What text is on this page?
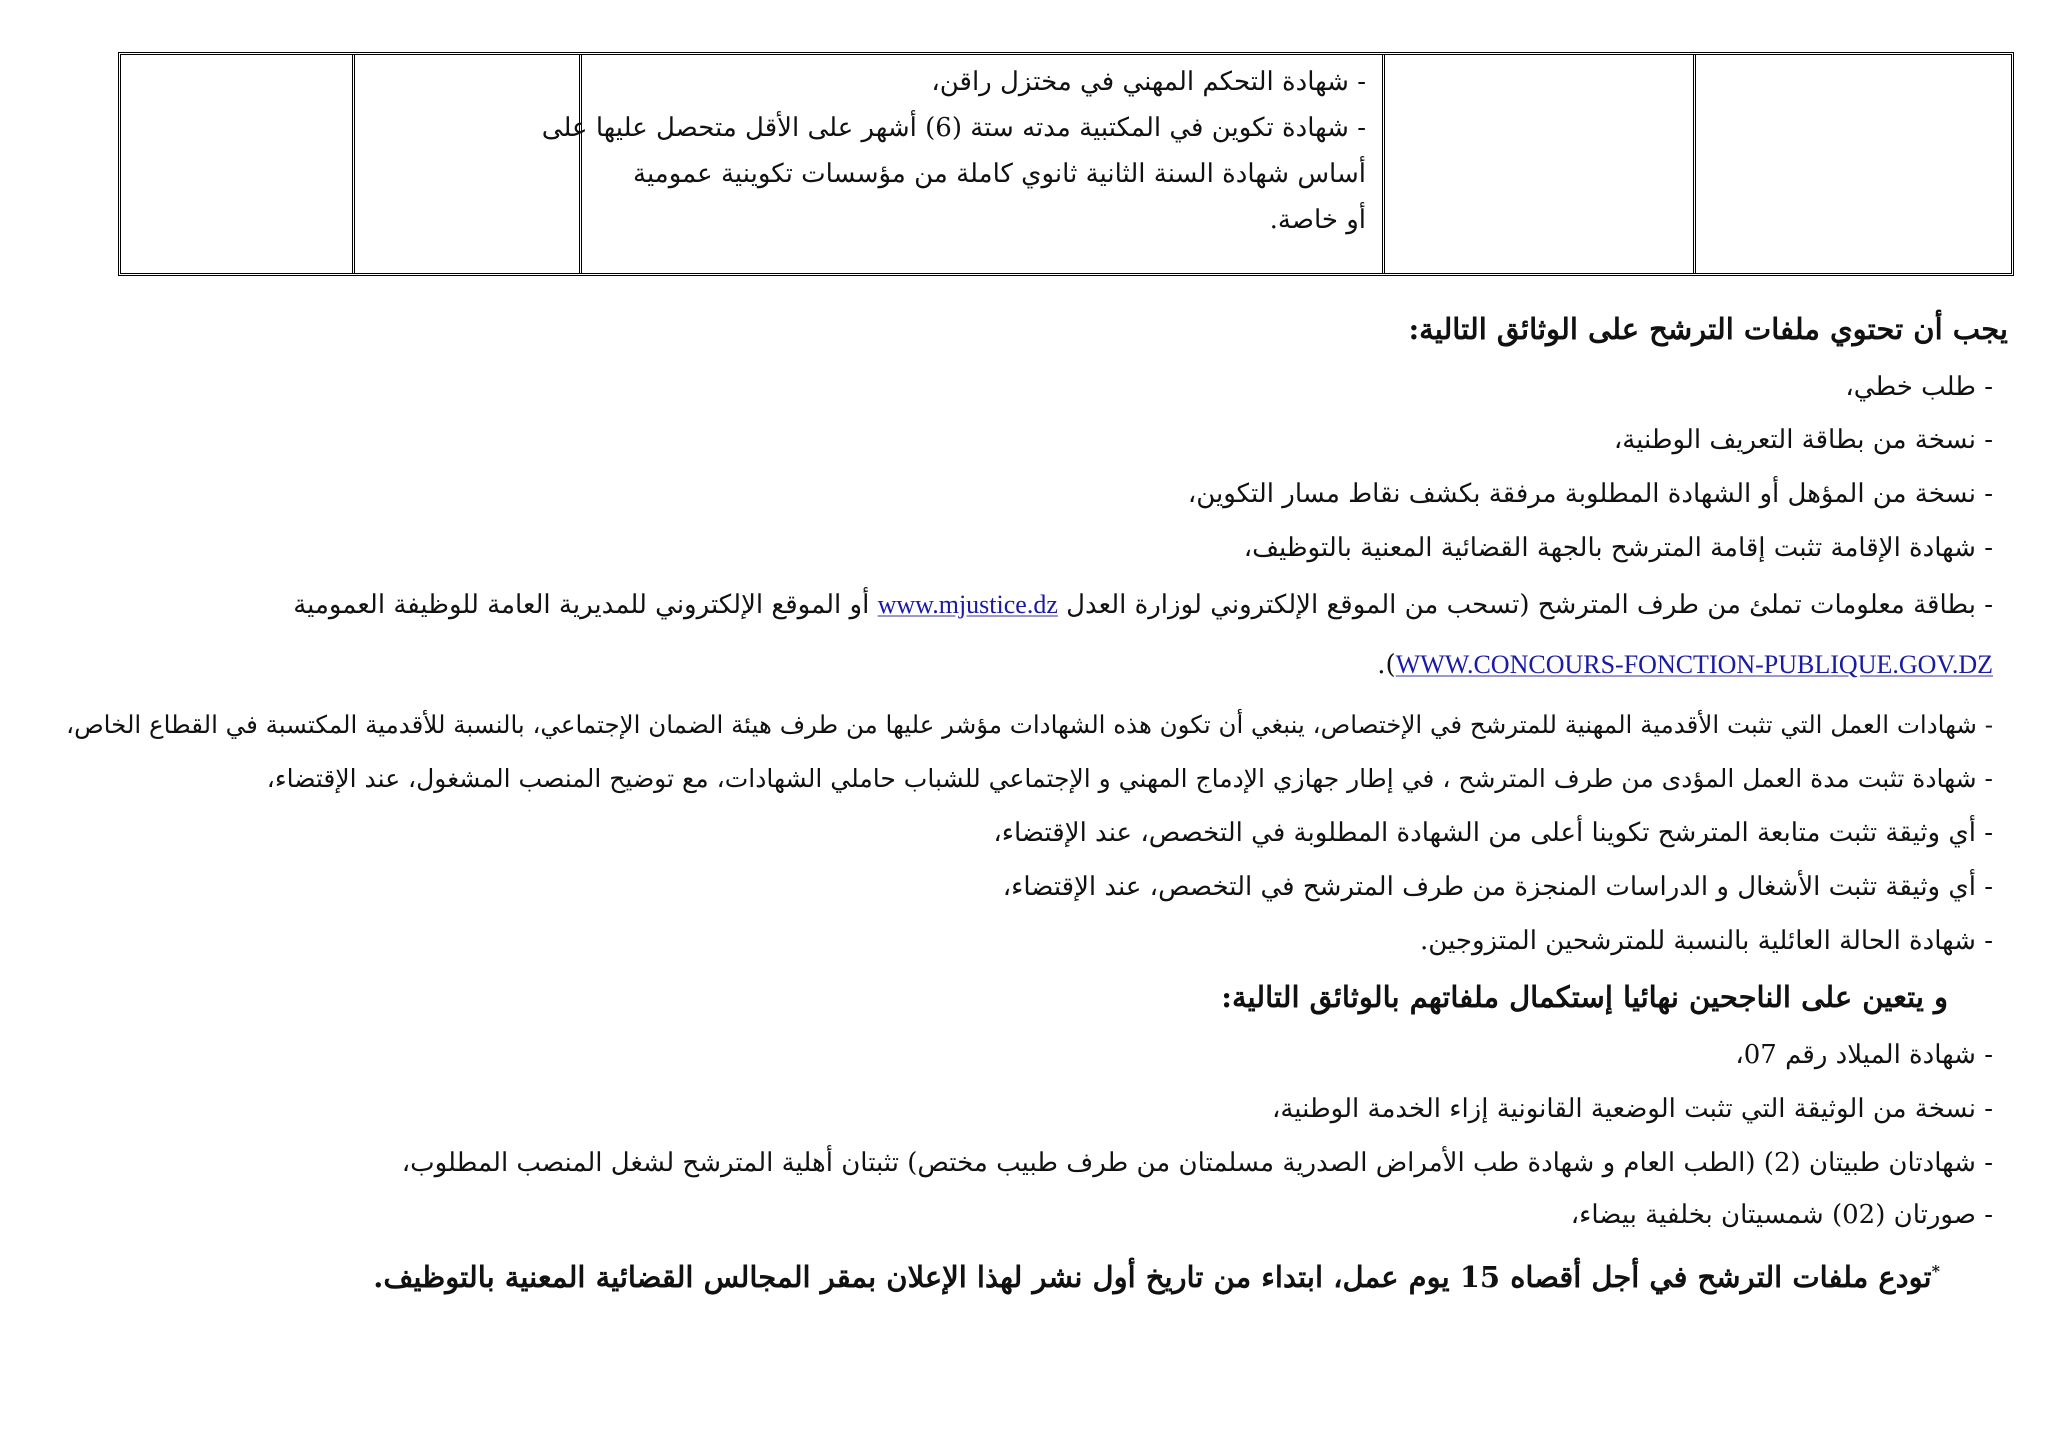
- شهادة التحكم المهني في مختزل راقن،
- شهادة تكوين في المكتبية مدته ستة (6) أشهر على الأقل متحصل عليها على
أساس شهادة السنة الثانية ثانوي كاملة من مؤسسات تكوينية عمومية
أو خاصة.
يجب أن تحتوي ملفات الترشح على الوثائق التالية:
- طلب خطي،
- نسخة من بطاقة التعريف الوطنية،
- نسخة من المؤهل أو الشهادة المطلوبة مرفقة بكشف نقاط مسار التكوين،
- شهادة الإقامة تثبت إقامة المترشح بالجهة القضائية المعنية بالتوظيف،
- بطاقة معلومات تملئ من طرف المترشح (تسحب من الموقع الإلكتروني لوزارة العدل www.mjustice.dz أو الموقع الإلكتروني للمديرية العامة للوظيفة العمومية
WWW.CONCOURS-FONCTION-PUBLIQUE.GOV.DZ).
- شهادات العمل التي تثبت الأقدمية المهنية للمترشح في الإختصاص، ينبغي أن تكون هذه الشهادات مؤشر عليها من طرف هيئة الضمان الإجتماعي، بالنسبة للأقدمية المكتسبة في القطاع الخاص،
- شهادة تثبت مدة العمل المؤدى من طرف المترشح ، في إطار جهازي الإدماج المهني و الإجتماعي للشباب حاملي الشهادات، مع توضيح المنصب المشغول، عند الإقتضاء،
- أي وثيقة تثبت متابعة المترشح تكوينا أعلى من الشهادة المطلوبة في التخصص، عند الإقتضاء،
- أي وثيقة تثبت الأشغال و الدراسات المنجزة من طرف المترشح في التخصص، عند الإقتضاء،
- شهادة الحالة العائلية بالنسبة للمترشحين المتزوجين.
و يتعين على الناجحين نهائيا إستكمال ملفاتهم بالوثائق التالية:
- شهادة الميلاد رقم 07،
- نسخة من الوثيقة التي تثبت الوضعية القانونية إزاء الخدمة الوطنية،
- شهادتان طبيتان (2) (الطب العام و شهادة طب الأمراض الصدرية مسلمتان من طرف طبيب مختص) تثبتان أهلية المترشح لشغل المنصب المطلوب،
- صورتان (02) شمسيتان بخلفية بيضاء،
*تودع ملفات الترشح في أجل أقصاه 15 يوم عمل، ابتداء من تاريخ أول نشر لهذا الإعلان بمقر المجالس القضائية المعنية بالتوظيف.
